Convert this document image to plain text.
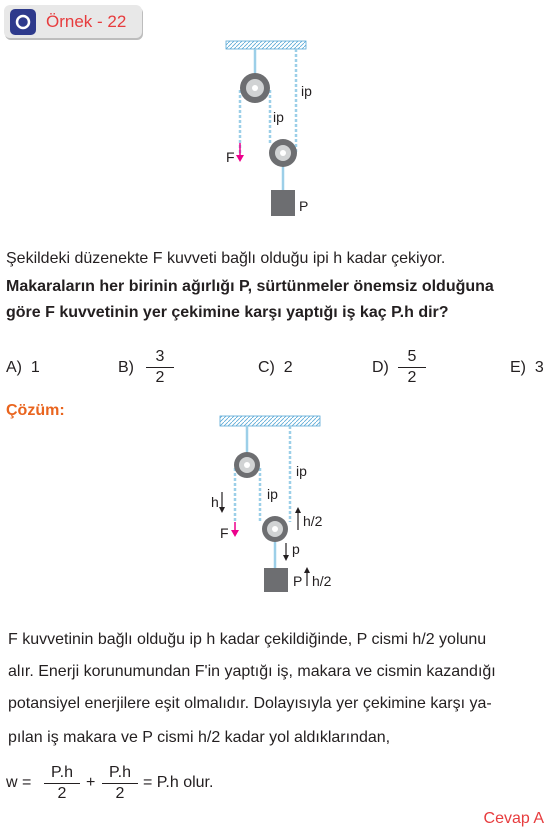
Örnek - 22
ip
ip
F
P
Şekildeki düzenekte F kuvveti bağlı olduğu ipi h kadar çekiyor.
Makaraların her birinin ağırlığı P, sürtünmeler önemsiz olduğuna
göre F kuvvetinin yer çekimine karşı yaptığı iş kaç P.h dir?
A) 1	B)
3
2
C) 2	D)
5
2
E) 3
Çözüm:
ip
ip
h
F
h/2
p
P h/2
F kuvvetinin bağlı olduğu ip h kadar çekildiğinde, P cismi h/2 yolunu
alır. Enerji korunumundan F'in yaptığı iş, makara ve cismin kazandığı
potansiyel enerjilere eşit olmalıdır. Dolayısıyla yer çekimine karşı ya-
pılan iş makara ve P cismi h/2 kadar yol aldıklarından,
w =
P.h
2
+
P.h
2
= P.h olur.
Cevap A
